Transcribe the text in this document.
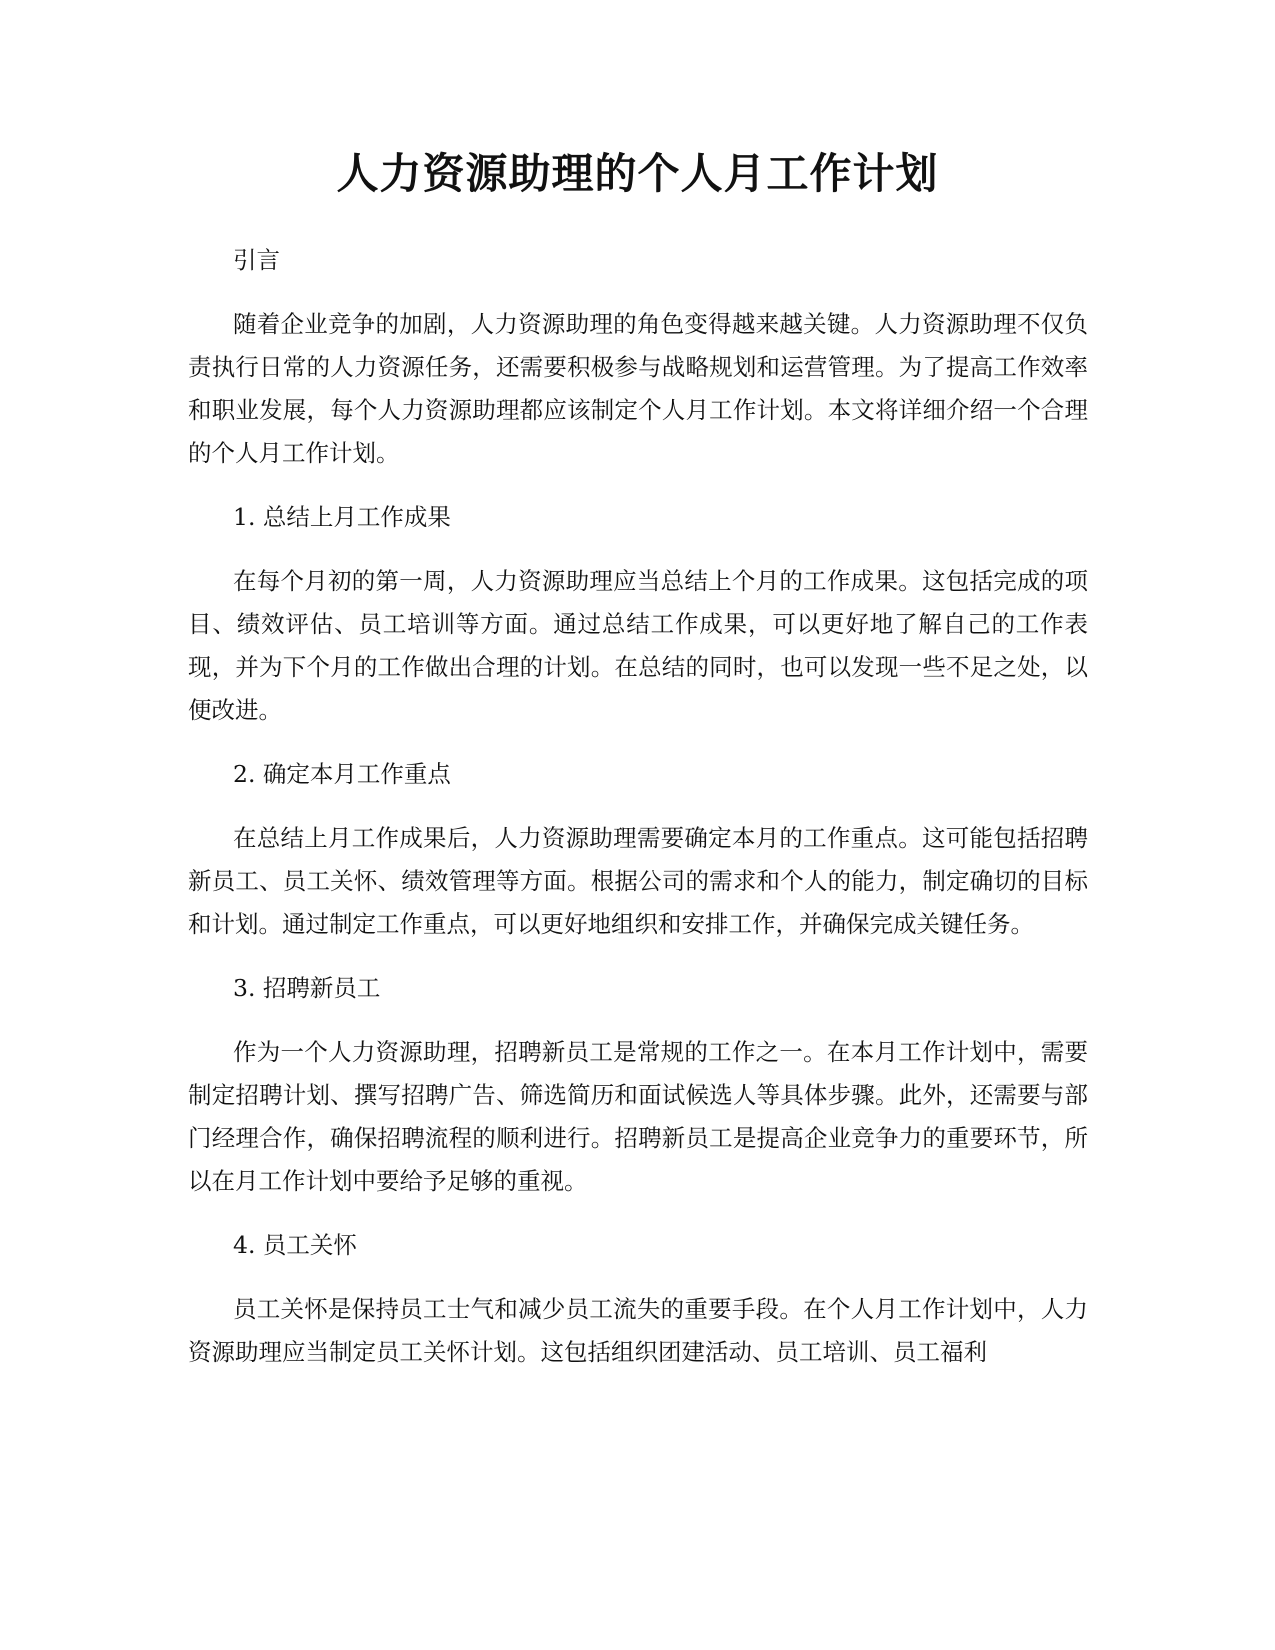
人力资源助理的个人月工作计划

引言

随着企业竞争的加剧，人力资源助理的角色变得越来越关键。人力资源助理不仅负责执行日常的人力资源任务，还需要积极参与战略规划和运营管理。为了提高工作效率和职业发展，每个人力资源助理都应该制定个人月工作计划。本文将详细介绍一个合理的个人月工作计划。

1. 总结上月工作成果

在每个月初的第一周，人力资源助理应当总结上个月的工作成果。这包括完成的项目、绩效评估、员工培训等方面。通过总结工作成果，可以更好地了解自己的工作表现，并为下个月的工作做出合理的计划。在总结的同时，也可以发现一些不足之处，以便改进。

2. 确定本月工作重点

在总结上月工作成果后，人力资源助理需要确定本月的工作重点。这可能包括招聘新员工、员工关怀、绩效管理等方面。根据公司的需求和个人的能力，制定确切的目标和计划。通过制定工作重点，可以更好地组织和安排工作，并确保完成关键任务。

3. 招聘新员工

作为一个人力资源助理，招聘新员工是常规的工作之一。在本月工作计划中，需要制定招聘计划、撰写招聘广告、筛选简历和面试候选人等具体步骤。此外，还需要与部门经理合作，确保招聘流程的顺利进行。招聘新员工是提高企业竞争力的重要环节，所以在月工作计划中要给予足够的重视。

4. 员工关怀

员工关怀是保持员工士气和减少员工流失的重要手段。在个人月工作计划中，人力资源助理应当制定员工关怀计划。这包括组织团建活动、员工培训、员工福利
